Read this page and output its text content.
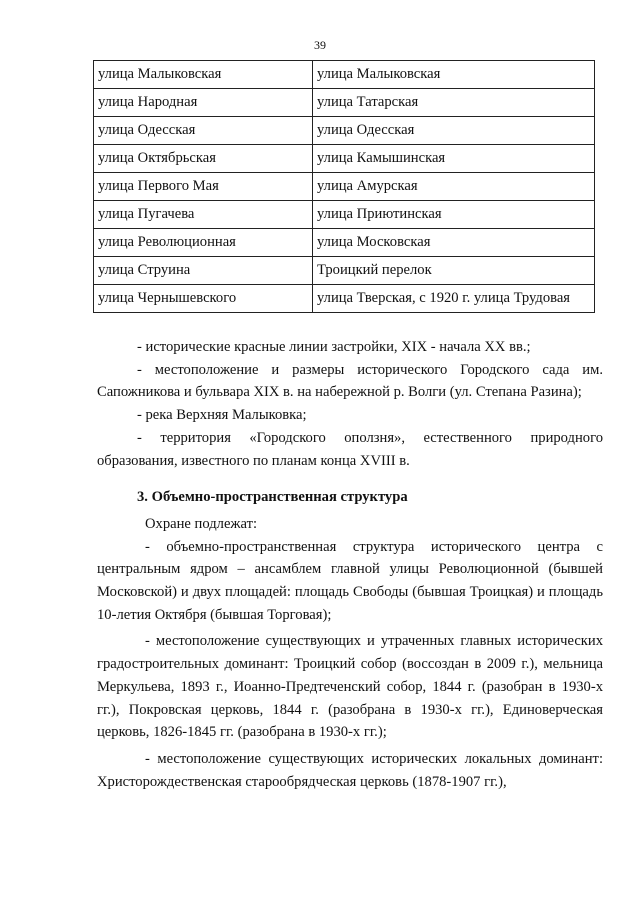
39
улица Малыковская	улица Малыковская
улица Народная	улица Татарская
улица Одесская	улица Одесская
улица Октябрьская	улица Камышинская
улица Первого Мая	улица Амурская
улица Пугачева	улица Приютинская
улица Революционная	улица Московская
улица Струина	Троицкий перелок
улица Чернышевского	улица Тверская, с 1920 г. улица Трудовая

- исторические красные линии застройки, XIX - начала XX вв.;

- местоположение и размеры исторического Городского сада им. Сапожникова и бульвара XIX в. на набережной р. Волги (ул. Степана Разина);

- река Верхняя Малыковка;

- территория «Городского оползня», естественного природного образования, известного по планам конца XVIII в.

3. Объемно-пространственная структура

Охране подлежат:

- объемно-пространственная структура исторического центра с центральным ядром – ансамблем главной улицы Революционной (бывшей Московской) и двух площадей: площадь Свободы (бывшая Троицкая) и площадь 10-летия Октября (бывшая Торговая);

- местоположение существующих и утраченных главных исторических градостроительных доминант: Троицкий собор (воссоздан в 2009 г.), мельница Меркульева, 1893 г., Иоанно-Предтеченский собор, 1844 г. (разобран в 1930-х гг.), Покровская церковь, 1844 г. (разобрана в 1930-х гг.), Единоверческая церковь, 1826-1845 гг. (разобрана в 1930-х гг.);

- местоположение существующих исторических локальных доминант: Христорождественская старообрядческая церковь (1878-1907 гг.),
